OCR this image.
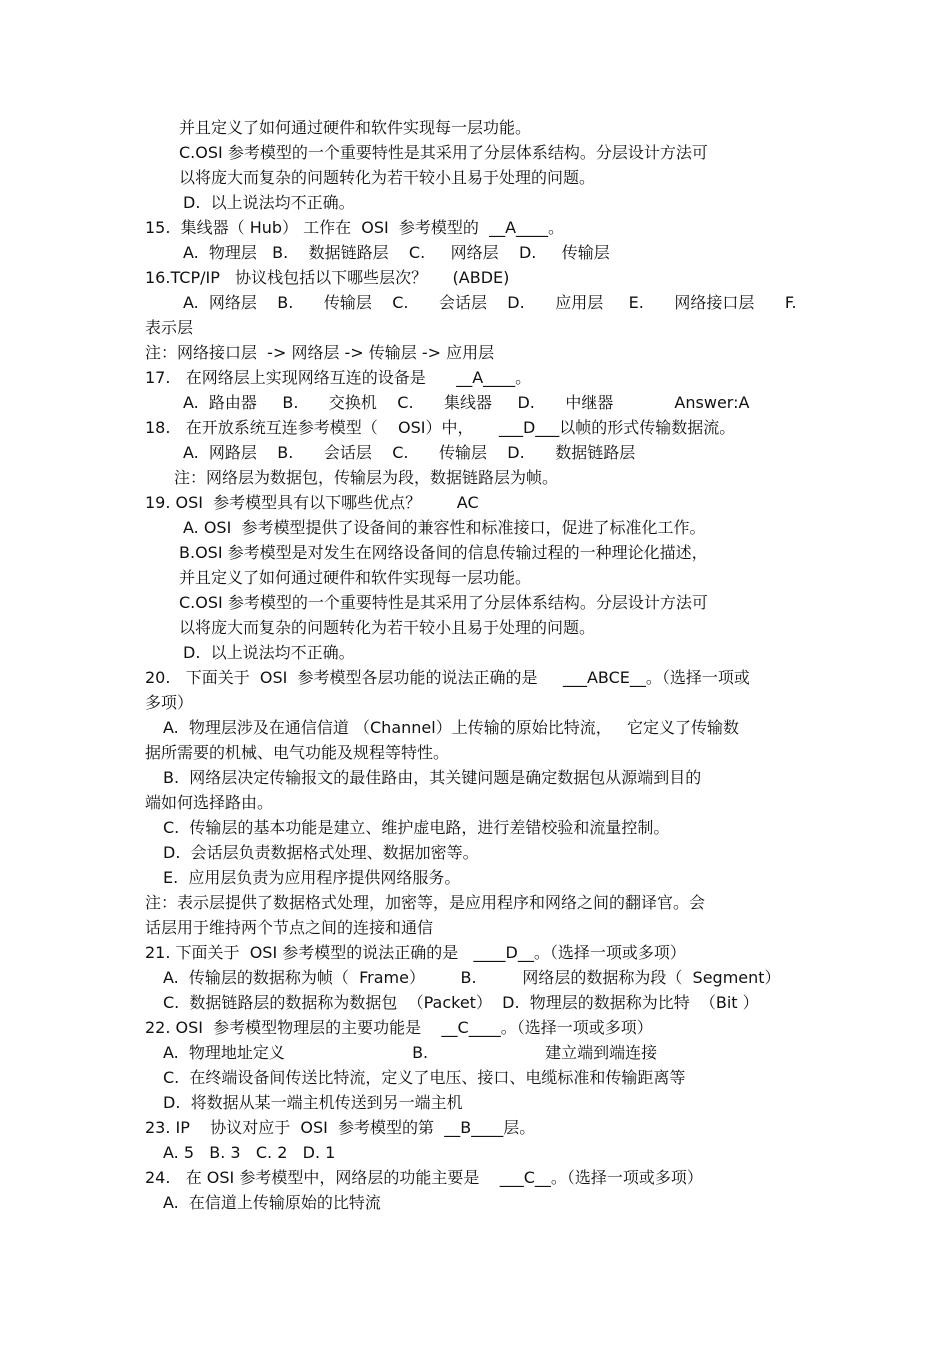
并且定义了如何通过硬件和软件实现每一层功能。
C.OSI 参考模型的一个重要特性是其采用了分层体系结构。分层设计方法可
以将庞大而复杂的问题转化为若干较小且易于处理的问题。
D.  以上说法均不正确。
15.  集线器（ Hub） 工作在  OSI  参考模型的  __A____。
A.  物理层   B.    数据链路层    C.     网络层    D.     传输层
16.TCP/IP   协议栈包括以下哪些层次？     (ABDE)
A.  网络层    B.      传输层    C.      会话层    D.      应用层     E.      网络接口层      F.
表示层
注：网络接口层  -> 网络层 -> 传输层 -> 应用层
17.   在网络层上实现网络互连的设备是      __A____。
A.  路由器     B.      交换机    C.      集线器     D.      中继器            Answer:A
18.   在开放系统互连参考模型（    OSI）中，     ___D___以帧的形式传输数据流。
A.  网路层    B.      会话层    C.      传输层    D.      数据链路层
注：网络层为数据包，传输层为段，数据链路层为帧。
19. OSI  参考模型具有以下哪些优点？       AC
A. OSI  参考模型提供了设备间的兼容性和标准接口，促进了标准化工作。
B.OSI 参考模型是对发生在网络设备间的信息传输过程的一种理论化描述，
并且定义了如何通过硬件和软件实现每一层功能。
C.OSI 参考模型的一个重要特性是其采用了分层体系结构。分层设计方法可
以将庞大而复杂的问题转化为若干较小且易于处理的问题。
D.  以上说法均不正确。
20.   下面关于  OSI  参考模型各层功能的说法正确的是     ___ABCE__。（选择一项或
多项）
A.  物理层涉及在通信信道 （Channel）上传输的原始比特流，   它定义了传输数
据所需要的机械、电气功能及规程等特性。
B.  网络层决定传输报文的最佳路由，其关键问题是确定数据包从源端到目的
端如何选择路由。
C.  传输层的基本功能是建立、维护虚电路，进行差错校验和流量控制。
D.  会话层负责数据格式处理、数据加密等。
E.  应用层负责为应用程序提供网络服务。
注：表示层提供了数据格式处理，加密等，是应用程序和网络之间的翻译官。会
话层用于维持两个节点之间的连接和通信
21. 下面关于  OSI 参考模型的说法正确的是   ____D__。（选择一项或多项）
A.  传输层的数据称为帧（  Frame）       B.         网络层的数据称为段（  Segment）
C.  数据链路层的数据称为数据包  （Packet）  D.  物理层的数据称为比特  （Bit ）
22. OSI  参考模型物理层的主要功能是    __C____。（选择一项或多项）
A.  物理地址定义                         B.                       建立端到端连接
C.  在终端设备间传送比特流，定义了电压、接口、电缆标准和传输距离等
D.  将数据从某一端主机传送到另一端主机
23. IP    协议对应于  OSI  参考模型的第  __B____层。
A. 5   B. 3   C. 2   D. 1
24.   在 OSI 参考模型中，网络层的功能主要是    ___C__。（选择一项或多项）
A.  在信道上传输原始的比特流
